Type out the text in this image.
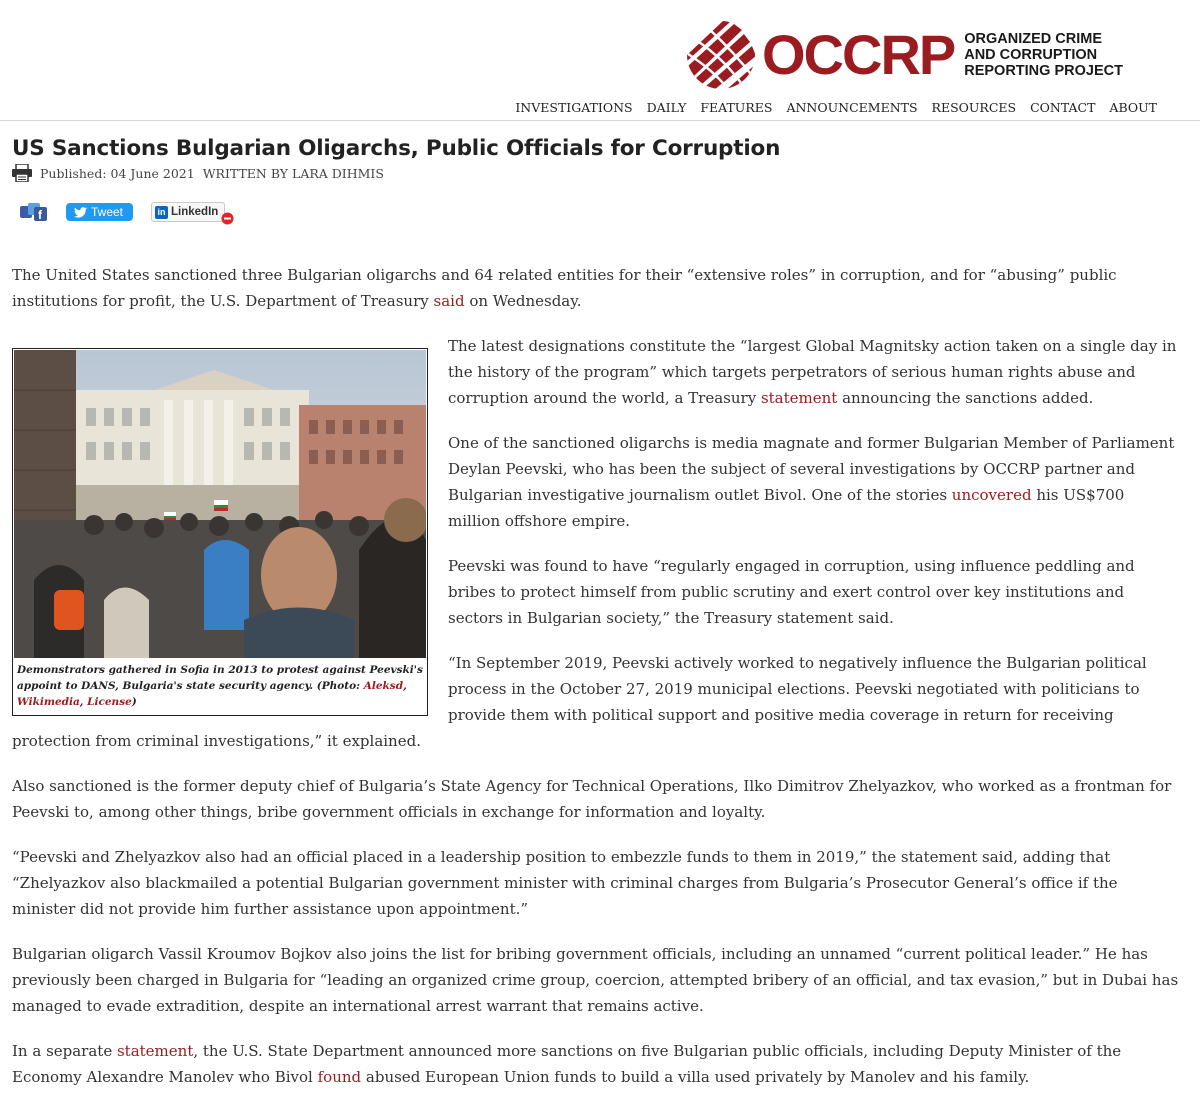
OCCRP ORGANIZED CRIME
AND CORRUPTION
REPORTING PROJECT
INVESTIGATIONS DAILY FEATURES ANNOUNCEMENTS RESOURCES CONTACT ABOUT
US Sanctions Bulgarian Oligarchs, Public Officials for Corruption
Published: 04 June 2021 WRITTEN BY LARA DIHMIS
f	Tweet	in LinkedIn

The United States sanctioned three Bulgarian oligarchs and 64 related entities for their “extensive roles” in corruption, and for “abusing” public institutions for profit, the U.S. Department of Treasury said on Wednesday.

Demonstrators gathered in Sofia in 2013 to protest against Peevski's appoint to DANS, Bulgaria's state security agency. (Photo: Aleksd, Wikimedia, License)

The latest designations constitute the “largest Global Magnitsky action taken on a single day in the history of the program” which targets perpetrators of serious human rights abuse and corruption around the world, a Treasury statement announcing the sanctions added.

One of the sanctioned oligarchs is media magnate and former Bulgarian Member of Parliament Deylan Peevski, who has been the subject of several investigations by OCCRP partner and Bulgarian investigative journalism outlet Bivol. One of the stories uncovered his US$700 million offshore empire.

Peevski was found to have “regularly engaged in corruption, using influence peddling and bribes to protect himself from public scrutiny and exert control over key institutions and sectors in Bulgarian society,” the Treasury statement said.

“In September 2019, Peevski actively worked to negatively influence the Bulgarian political process in the October 27, 2019 municipal elections. Peevski negotiated with politicians to provide them with political support and positive media coverage in return for receiving protection from criminal investigations,” it explained.

Also sanctioned is the former deputy chief of Bulgaria’s State Agency for Technical Operations, Ilko Dimitrov Zhelyazkov, who worked as a frontman for Peevski to, among other things, bribe government officials in exchange for information and loyalty.

“Peevski and Zhelyazkov also had an official placed in a leadership position to embezzle funds to them in 2019,” the statement said, adding that “Zhelyazkov also blackmailed a potential Bulgarian government minister with criminal charges from Bulgaria’s Prosecutor General’s office if the minister did not provide him further assistance upon appointment.”

Bulgarian oligarch Vassil Kroumov Bojkov also joins the list for bribing government officials, including an unnamed “current political leader.” He has previously been charged in Bulgaria for “leading an organized crime group, coercion, attempted bribery of an official, and tax evasion,” but in Dubai has managed to evade extradition, despite an international arrest warrant that remains active.

In a separate statement, the U.S. State Department announced more sanctions on five Bulgarian public officials, including Deputy Minister of the Economy Alexandre Manolev who Bivol found abused European Union funds to build a villa used privately by Manolev and his family.
